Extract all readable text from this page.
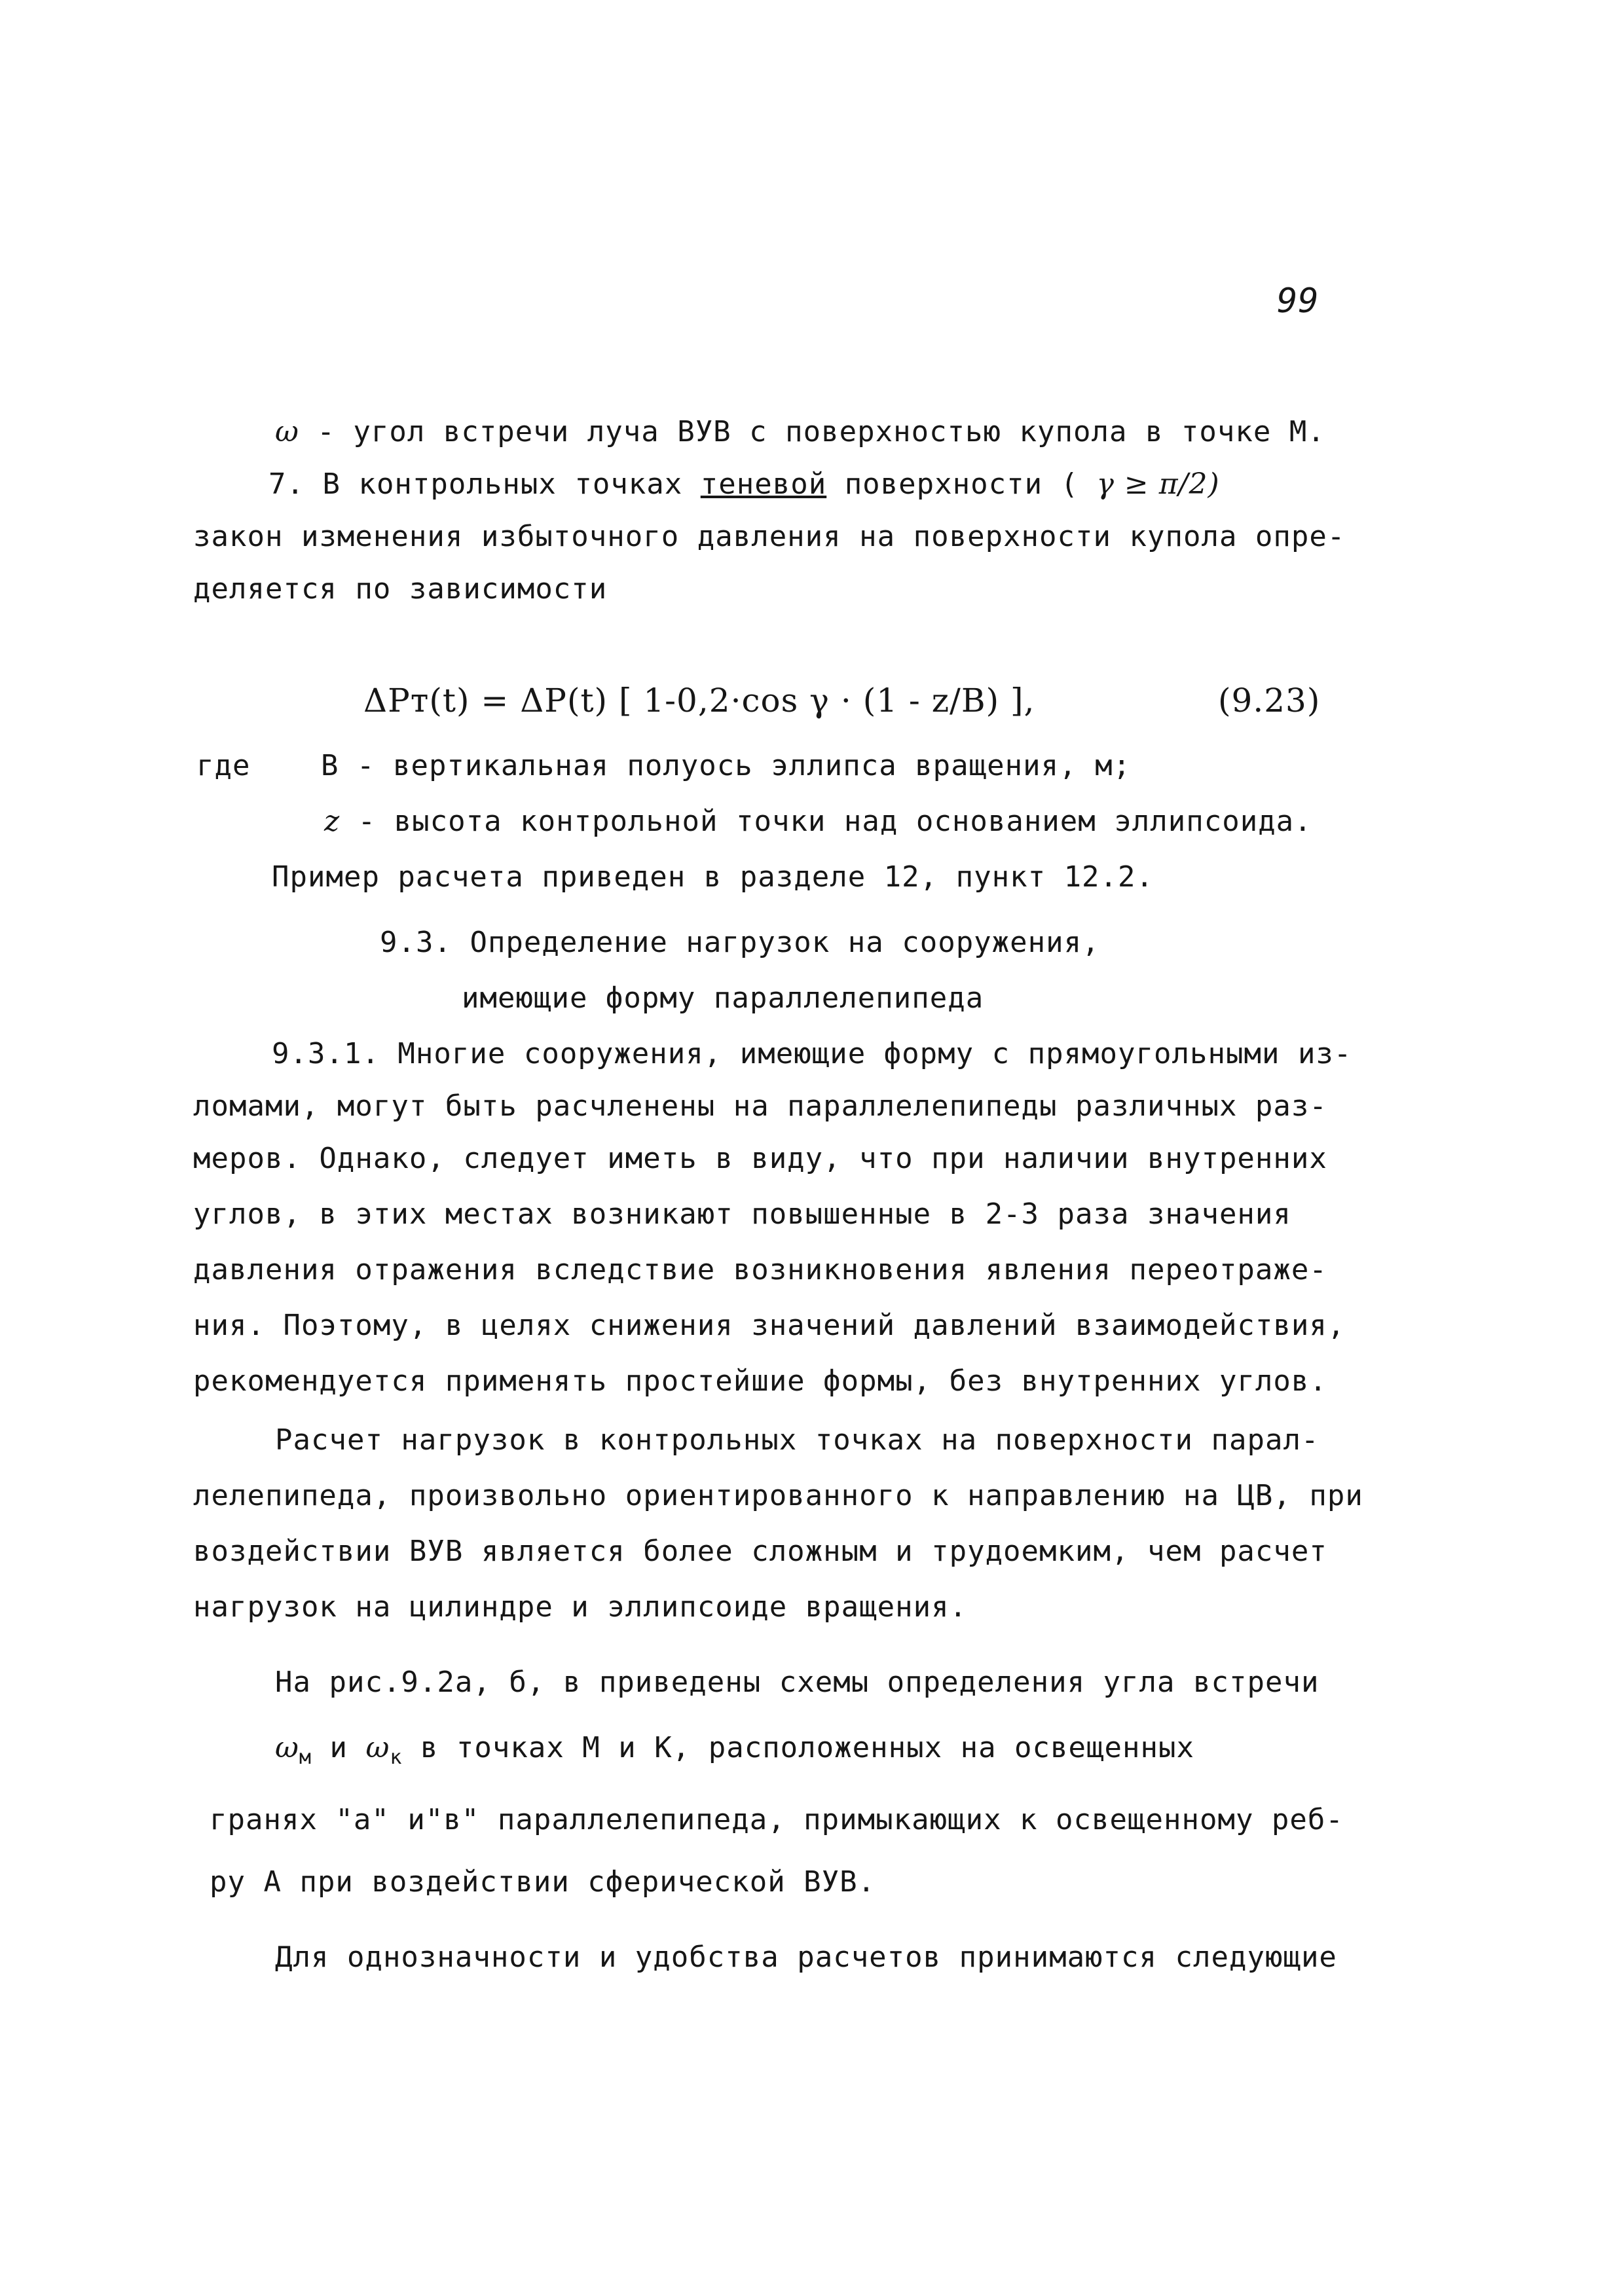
99
ω - угол встречи луча ВУВ с поверхностью купола в точке М.
7. В контрольных точках теневой поверхности ( γ ≥ π/2)
закон изменения избыточного давления на поверхности купола опре-
деляется по зависимости
ΔPт(t) = ΔP(t) [ 1-0,2·cos γ · (1 - z/B) ],	(9.23)
где В - вертикальная полуось эллипса вращения, м;
z - высота контрольной точки над основанием эллипсоида.
Пример расчета приведен в разделе 12, пункт 12.2.
9.3. Определение нагрузок на сооружения,
имеющие форму параллелепипеда
9.3.1. Многие сооружения, имеющие форму с прямоугольными из-
ломами, могут быть расчленены на параллелепипеды различных раз-
меров. Однако, следует иметь в виду, что при наличии внутренних
углов, в этих местах возникают повышенные в 2-3 раза значения
давления отражения вследствие возникновения явления переотраже-
ния. Поэтому, в целях снижения значений давлений взаимодействия,
рекомендуется применять простейшие формы, без внутренних углов.
Расчет нагрузок в контрольных точках на поверхности парал-
лелепипеда, произвольно ориентированного к направлению на ЦВ, при
воздействии ВУВ является более сложным и трудоемким, чем расчет
нагрузок на цилиндре и эллипсоиде вращения.
На рис.9.2а, б, в приведены схемы определения угла встречи
$\omega_м$ и $\omega_к$ в точках М и К, расположенных на освещенных
гранях "а" и"в" параллелепипеда, примыкающих к освещенному реб-
ру А при воздействии сферической ВУВ.
Для однозначности и удобства расчетов принимаются следующие
